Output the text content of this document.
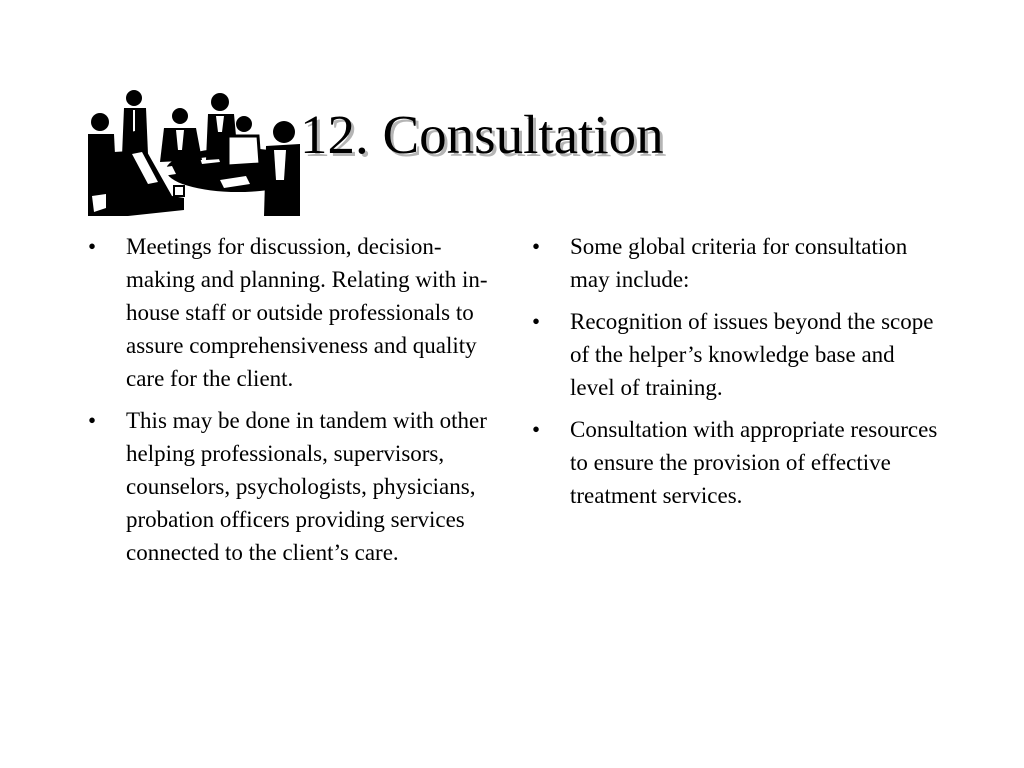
12. Consultation
• Meetings for discussion, decision-making and planning. Relating with in-house staff or outside professionals to assure comprehensiveness and quality care for the client.
• This may be done in tandem with other helping professionals, supervisors, counselors, psychologists, physicians, probation officers providing services connected to the client’s care.
• Some global criteria for consultation may include:
• Recognition of issues beyond the scope of the helper’s knowledge base and level of training.
• Consultation with appropriate resources to ensure the provision of effective treatment services.
